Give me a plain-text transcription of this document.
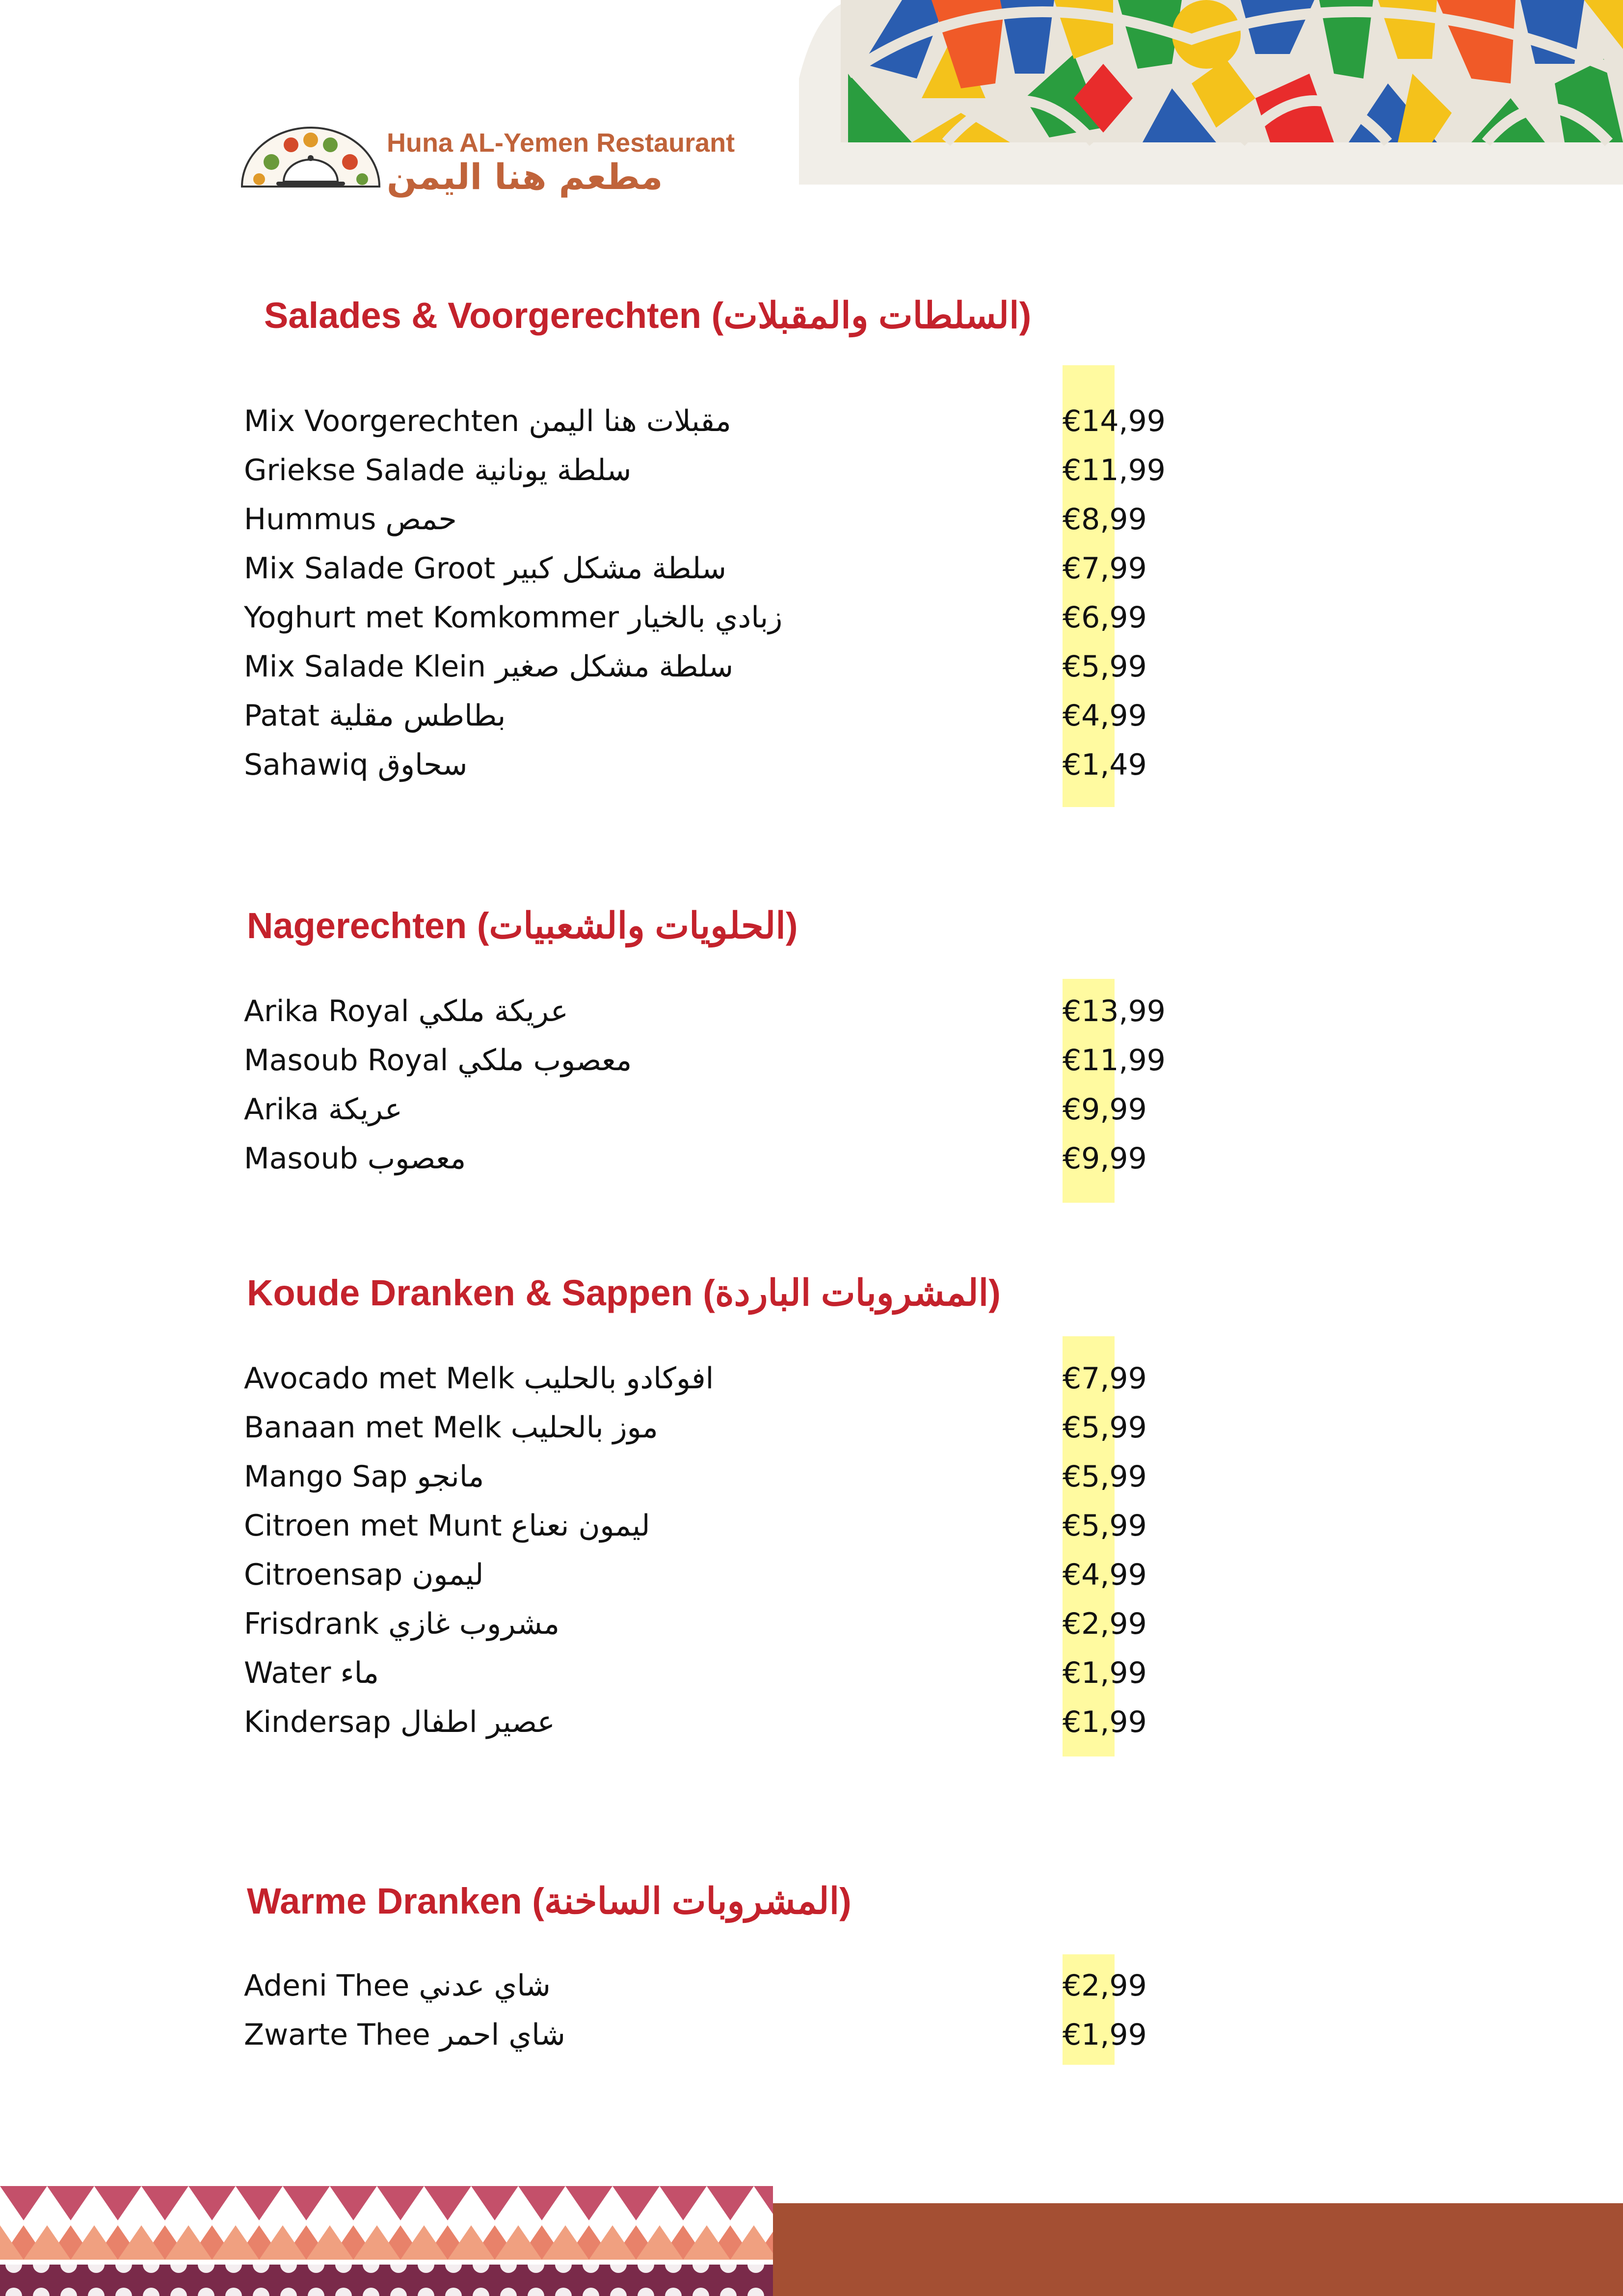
Huna AL-Yemen Restaurant
مطعم هنا اليمن
Salades & Voorgerechten (السلطات والمقبلات)
Mix Voorgerechten مقبلات هنا اليمن	€14,99
Griekse Salade سلطة يونانية	€11,99
Hummus حمص	€8,99
Mix Salade Groot سلطة مشكل كبير	€7,99
Yoghurt met Komkommer زبادي بالخيار	€6,99
Mix Salade Klein سلطة مشكل صغير	€5,99
Patat بطاطس مقلية	€4,99
Sahawiq سحاوق	€1,49
Nagerechten (الحلويات والشعبيات)
Arika Royal عريكة ملكي	€13,99
Masoub Royal معصوب ملكي	€11,99
Arika عريكة	€9,99
Masoub معصوب	€9,99
Koude Dranken & Sappen (المشروبات الباردة)
Avocado met Melk افوكادو بالحليب	€7,99
Banaan met Melk موز بالحليب	€5,99
Mango Sap مانجو	€5,99
Citroen met Munt ليمون نعناع	€5,99
Citroensap ليمون	€4,99
Frisdrank مشروب غازي	€2,99
Water ماء	€1,99
Kindersap عصير اطفال	€1,99
Warme Dranken (المشروبات الساخنة)
Adeni Thee شاي عدني	€2,99
Zwarte Thee شاي احمر	€1,99
